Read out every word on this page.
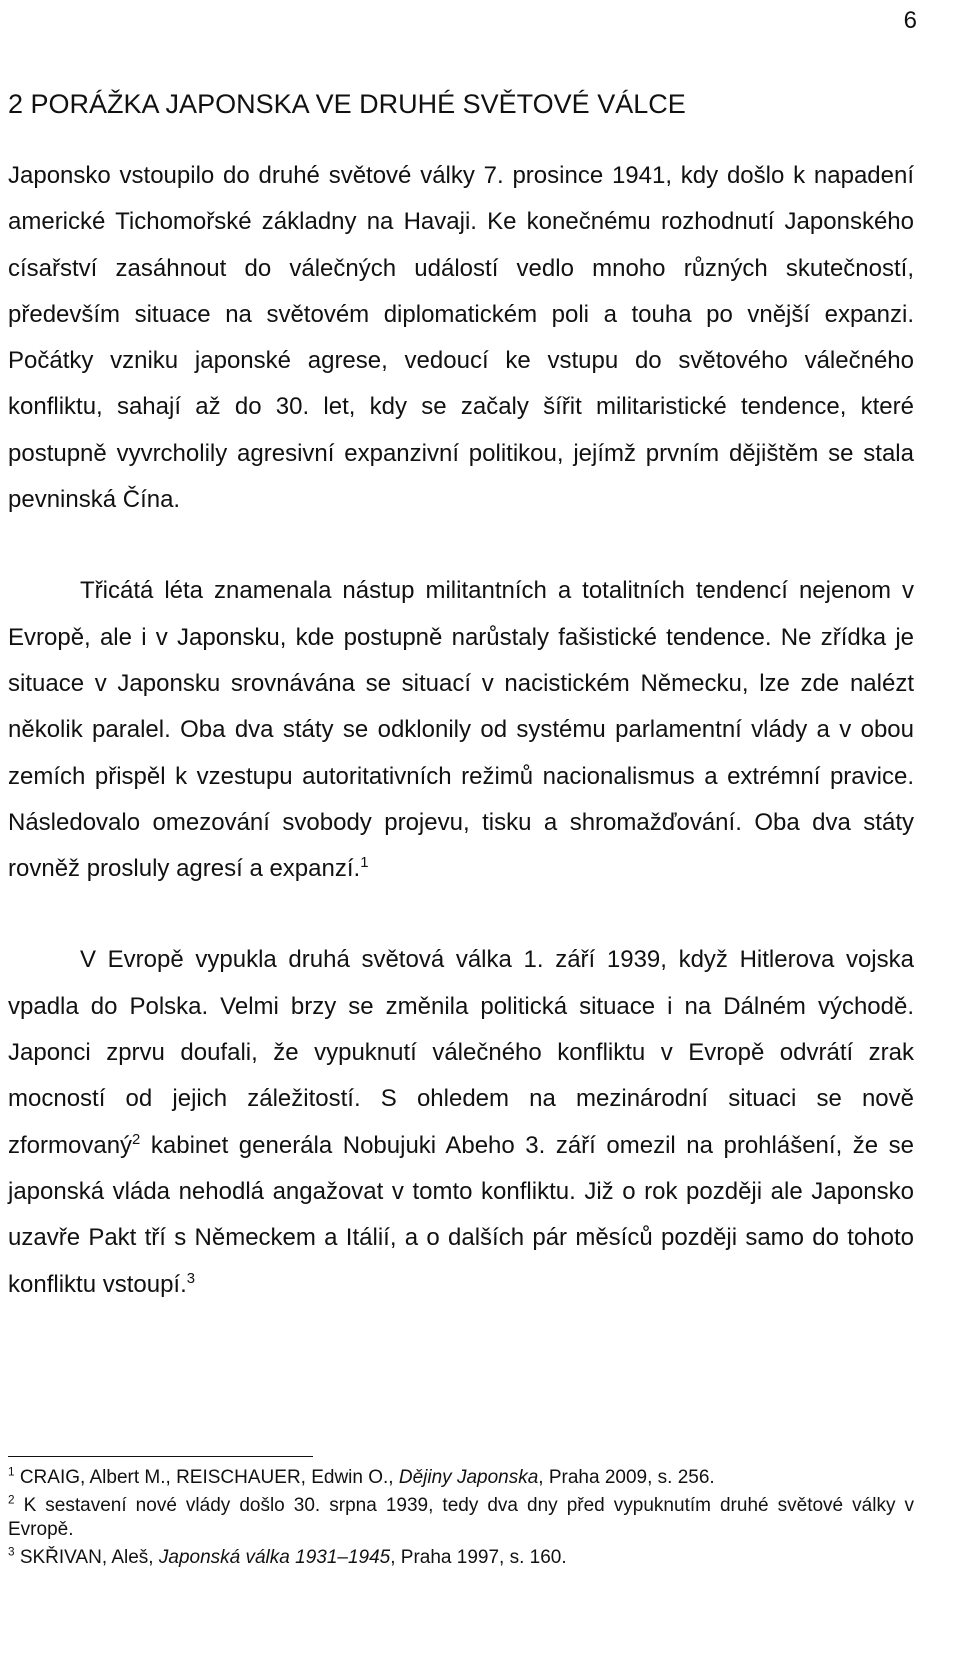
6
2 PORÁŽKA JAPONSKA VE DRUHÉ SVĚTOVÉ VÁLCE

Japonsko vstoupilo do druhé světové války 7. prosince 1941, kdy došlo k napadení americké Tichomořské základny na Havaji. Ke konečnému rozhodnutí Japonského císařství zasáhnout do válečných událostí vedlo mnoho různých skutečností, především situace na světovém diplomatickém poli a touha po vnější expanzi. Počátky vzniku japonské agrese, vedoucí ke vstupu do světového válečného konfliktu, sahají až do 30. let, kdy se začaly šířit militaristické tendence, které postupně vyvrcholily agresivní expanzivní politikou, jejímž prvním dějištěm se stala pevninská Čína.

Třicátá léta znamenala nástup militantních a totalitních tendencí nejenom v Evropě, ale i v Japonsku, kde postupně narůstaly fašistické tendence. Ne zřídka je situace v Japonsku srovnávána se situací v nacistickém Německu, lze zde nalézt několik paralel. Oba dva státy se odklonily od systému parlamentní vlády a v obou zemích přispěl k vzestupu autoritativních režimů nacionalismus a extrémní pravice. Následovalo omezování svobody projevu, tisku a shromažďování. Oba dva státy rovněž prosluly agresí a expanzí.$^1$

V Evropě vypukla druhá světová válka 1. září 1939, když Hitlerova vojska vpadla do Polska. Velmi brzy se změnila politická situace i na Dálném východě. Japonci zprvu doufali, že vypuknutí válečného konfliktu v Evropě odvrátí zrak mocností od jejich záležitostí. S ohledem na mezinárodní situaci se nově zformovaný$^2$ kabinet generála Nobujuki Abeho 3. září omezil na prohlášení, že se japonská vláda nehodlá angažovat v tomto konfliktu. Již o rok později ale Japonsko uzavře Pakt tří s Německem a Itálií, a o dalších pár měsíců později samo do tohoto konfliktu vstoupí.$^3$

$^1$ CRAIG, Albert M., REISCHAUER, Edwin O., Dějiny Japonska, Praha 2009, s. 256.

$^2$ K sestavení nové vlády došlo 30. srpna 1939, tedy dva dny před vypuknutím druhé světové války v Evropě.

$^3$ SKŘIVAN, Aleš, Japonská válka 1931–1945, Praha 1997, s. 160.
